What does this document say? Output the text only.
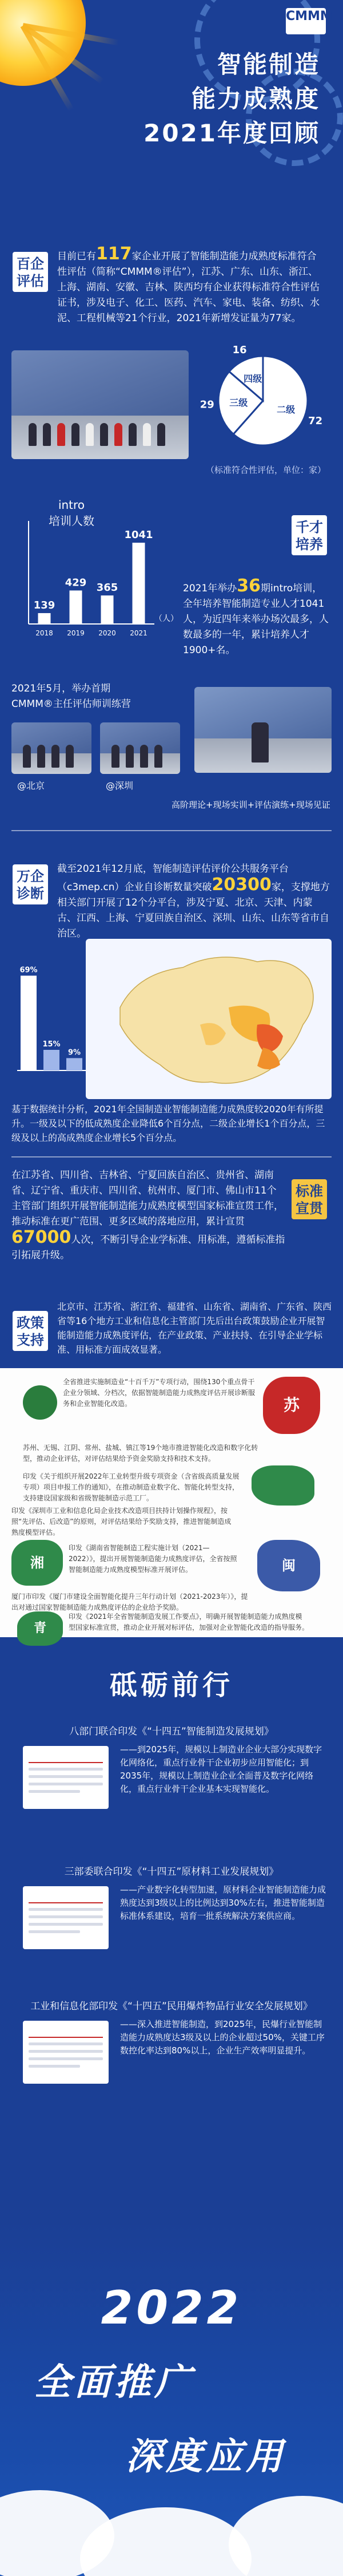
CMMM
智能制造
能力成熟度
2021年度回顾
百企评估
目前已有117家企业开展了智能制造能力成熟度标准符合性评估（简称“CMMM®评估”），江苏、广东、山东、浙江、上海、湖南、安徽、吉林、陕西均有企业获得标准符合性评估证书，涉及电子、化工、医药、汽车、家电、装备、纺织、水泥、工程机械等21个行业，2021年新增发证量为77家。
二级
72
三级
29
四级
16
（标准符合性评估，单位：家）
139
2018
429
2019
365
2020
1041
2021
intro
培训人数
（人）
千才培养
2021年举办36期intro培训，全年培养智能制造专业人才1041人，为近四年来举办场次最多，人数最多的一年，累计培养人才1900+名。
2021年5月，举办首期
CMMM®主任评估师训练营
@北京	@深圳
高阶理论+现场实训+评估演练+现场见证
万企诊断
截至2021年12月底，智能制造评估评价公共服务平台（c3mep.cn）企业自诊断数量突破20300家，支撑地方相关部门开展了12个分平台，涉及宁夏、北京、天津、内蒙古、江西、上海、宁夏回族自治区、深圳、山东、山东等省市自治区。
69%
15%
9%
基于数据统计分析，2021年全国制造业智能制造能力成熟度较2020年有所提升。一级及以下的低成熟度企业降低6个百分点，二级企业增长1个百分点，三级及以上的高成熟度企业增长5个百分点。
标准宣贯
在江苏省、四川省、吉林省、宁夏回族自治区、贵州省、湖南省、辽宁省、重庆市、四川省、杭州市、厦门市、佛山市11个主管部门组织开展智能制造能力成熟度模型国家标准宣贯工作，推动标准在更广范围、更多区域的落地应用，累计宣贯67000人次，不断引导企业学标准、用标准，遵循标准指引拓展升级。
政策支持
北京市、江苏省、浙江省、福建省、山东省、湖南省、广东省、陕西省等16个地方工业和信息化主管部门先后出台政策鼓励企业开展智能制造能力成熟度评估，在产业政策、产业扶持、在引导企业学标准、用标准方面成效显著。
全省推进实施制造业“十百千万”专项行动，围绕130个重点骨干企业分领域、分档次，依据智能制造能力成熟度评估开展诊断服务和企业智能化改造。	苏
苏州、无锡、江阴、常州、盐城、镇江等19个地市推进智能化改造和数字化转型，推动企业评估，对评估结果给予资金奖励支持和技术支持。
印发《关于组织开展2022年工业转型升级专项资金（含省级高质量发展专项）项目申报工作的通知》，在推动制造业数字化、智能化转型支持，支持建设国家级和省级智能制造示范工厂。
印发《深圳市工业和信息化局企业技术改造项目扶持计划操作规程》，按照“先评估、后改造”的原则，对评估结果给予奖励支持，推进智能制造成熟度模型评估。
湘
印发《湖南省智能制造工程实施计划（2021—2022）》，提出开展智能制造能力成熟度评估，全省按照智能制造能力成熟度模型标准开展评估。	闽
厦门市印发《厦门市建设全面智能化提升三年行动计划（2021-2023年）》，提出对通过国家智能制造能力成熟度评估的企业给予奖励。
青
印发《2021年全省智能制造发展工作要点》，明确开展智能制造能力成熟度模型国家标准宣贯，推动企业开展对标评估，加强对企业智能化改造的指导服务。
砥砺前行
八部门联合印发《“十四五”智能制造发展规划》
——到2025年，规模以上制造业企业大部分实现数字化网络化，重点行业骨干企业初步应用智能化；到2035年，规模以上制造业企业全面普及数字化网络化，重点行业骨干企业基本实现智能化。
三部委联合印发《“十四五”原材料工业发展规划》
——产业数字化转型加速，原材料企业智能制造能力成熟度达到3级以上的比例达到30%左右，推进智能制造标准体系建设，培育一批系统解决方案供应商。
工业和信息化部印发《“十四五”民用爆炸物品行业安全发展规划》
——深入推进智能制造，到2025年，民爆行业智能制造能力成熟度达3级及以上的企业超过50%，关键工序数控化率达到80%以上，企业生产效率明显提升。
2022
全面推广
深度应用
